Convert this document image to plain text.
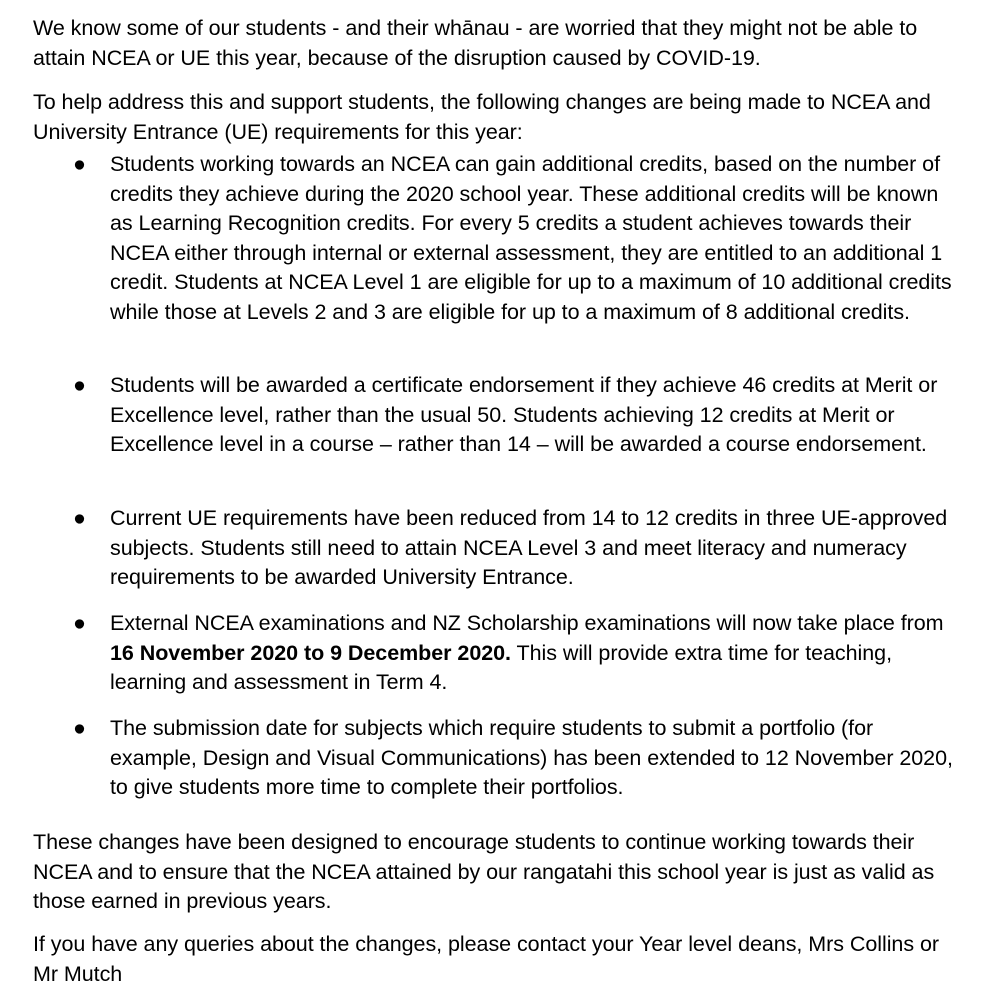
We know some of our students - and their whānau - are worried that they might not be able to attain NCEA or UE this year, because of the disruption caused by COVID-19.
To help address this and support students, the following changes are being made to NCEA and University Entrance (UE) requirements for this year:
● Students working towards an NCEA can gain additional credits, based on the number of credits they achieve during the 2020 school year. These additional credits will be known as Learning Recognition credits. For every 5 credits a student achieves towards their NCEA either through internal or external assessment, they are entitled to an additional 1 credit. Students at NCEA Level 1 are eligible for up to a maximum of 10 additional credits while those at Levels 2 and 3 are eligible for up to a maximum of 8 additional credits.
● Students will be awarded a certificate endorsement if they achieve 46 credits at Merit or Excellence level, rather than the usual 50. Students achieving 12 credits at Merit or Excellence level in a course – rather than 14 – will be awarded a course endorsement.
● Current UE requirements have been reduced from 14 to 12 credits in three UE-approved subjects. Students still need to attain NCEA Level 3 and meet literacy and numeracy requirements to be awarded University Entrance.
● External NCEA examinations and NZ Scholarship examinations will now take place from 16 November 2020 to 9 December 2020. This will provide extra time for teaching, learning and assessment in Term 4.
● The submission date for subjects which require students to submit a portfolio (for example, Design and Visual Communications) has been extended to 12 November 2020, to give students more time to complete their portfolios.
These changes have been designed to encourage students to continue working towards their NCEA and to ensure that the NCEA attained by our rangatahi this school year is just as valid as those earned in previous years.
If you have any queries about the changes, please contact your Year level deans, Mrs Collins or Mr Mutch
